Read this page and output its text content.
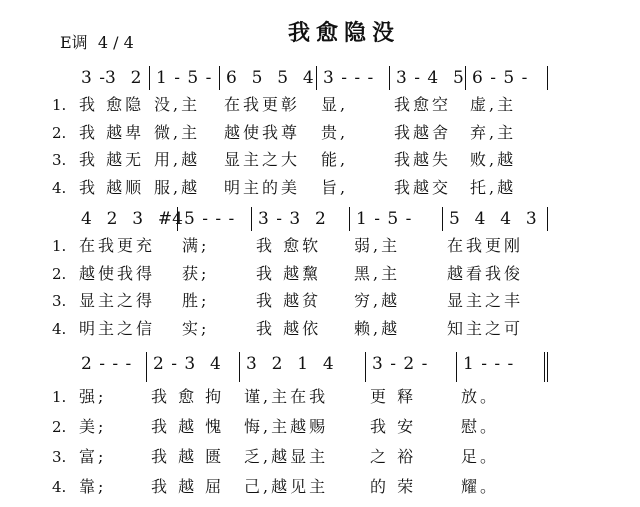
E调  4 / 4	我愈隐没
3 -3  2 1 - 5 - 6  5  5  4 3 - - -	3 - 4  5 6 - 5 -
1. 我 愈隐 没,主	在我更彰	显,	我愈空	虚,主
2. 我 越卑 微,主	越使我尊	贵,	我越舍	弃,主
3. 我 越无 用,越	显主之大	能,	我越失	败,越
4. 我 越顺 服,越	明主的美	旨,	我越交	托,越
4  2  3  #4 5 - - -	3 - 3  2	1 - 5 -	5  4  4  3
1. 在我更充	满;	我 愈软	弱,主	在我更刚
2. 越使我得	获;	我 越黧	黑,主	越看我俊
3. 显主之得	胜;	我 越贫	穷,越	显主之丰
4. 明主之信	实;	我 越依	赖,越	知主之可
2 - - -	2 - 3  4	3  2  1  4	3 - 2 -	1 - - -
1. 强;	我 愈 拘	谨,主在我	更 释	放。
2. 美;	我 越 愧	悔,主越赐	我 安	慰。
3. 富;	我 越 匮	乏,越显主	之 裕	足。
4. 靠;	我 越 屈	己,越见主	的 荣	耀。
